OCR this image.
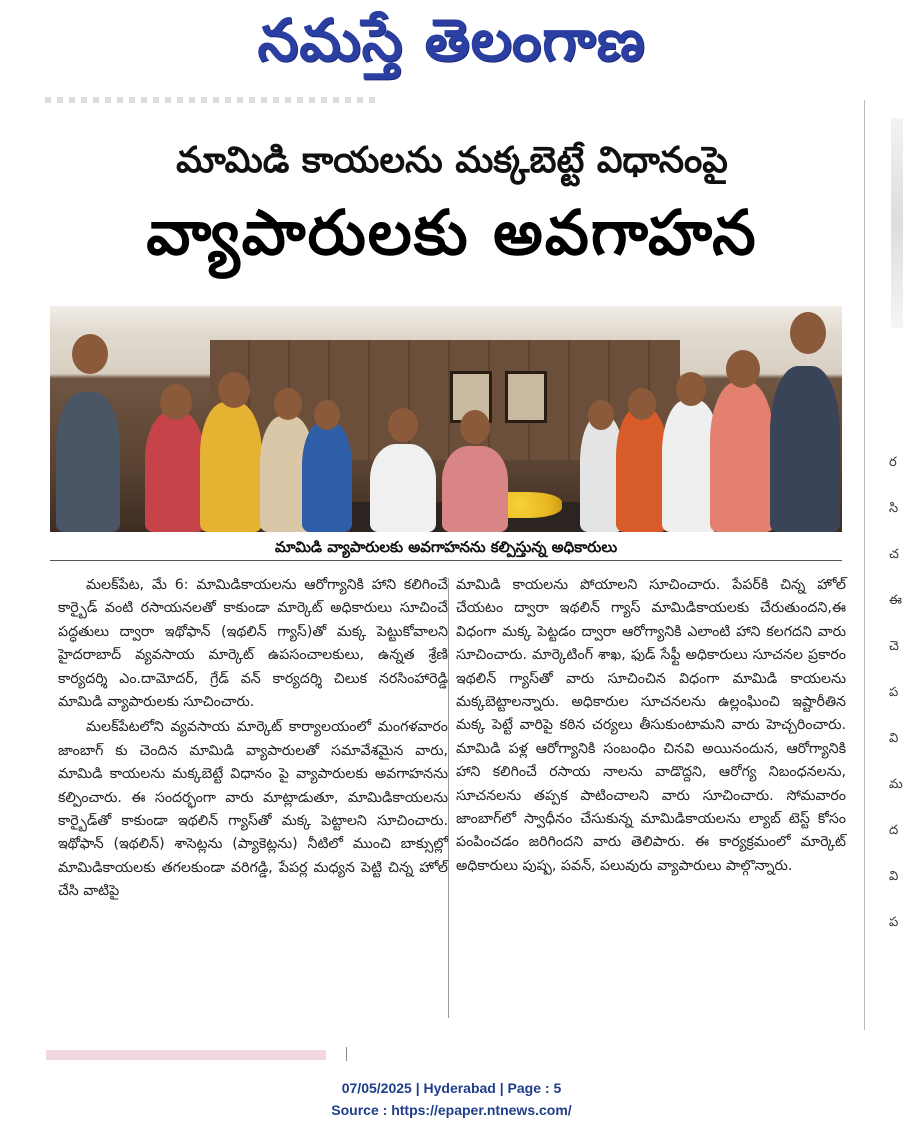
నమస్తే తెలంగాణ
మామిడి కాయలను మక్కబెట్టే విధానంపై
వ్యాపారులకు అవగాహన
మామిడి వ్యాపారులకు అవగాహనను కల్పిస్తున్న అధికారులు

మలక్‌పేట, మే 6: మామిడికాయలను ఆరోగ్యానికి హాని కలిగించే కార్బైడ్ వంటి రసాయనలతో కాకుండా మార్కెట్ అధికారులు సూచించే పద్ధతులు ద్వారా ఇథోఫాన్ (ఇథలిన్ గ్యాస్)తో మక్క పెట్టుకోవాలని హైదరాబాద్ వ్యవసాయ మార్కెట్ ఉపసంచాలకులు, ఉన్నత శ్రేణి కార్యదర్శి ఎం.దామోదర్, గ్రేడ్ వన్ కార్యదర్శి చిలుక నరసింహారెడ్డి మామిడి వ్యాపారులకు సూచించారు.

మలక్‌పేటలోని వ్యవసాయ మార్కెట్ కార్యాలయంలో మంగళవారం జాంబాగ్ కు చెందిన మామిడి వ్యాపారులతో సమావేశమైన వారు, మామిడి కాయలను మక్కబెట్టే విధానం పై వ్యాపారులకు అవగాహనను కల్పించారు. ఈ సందర్భంగా వారు మాట్లాడుతూ, మామిడికాయలను కార్బైడ్‌తో కాకుండా ఇథలిన్ గ్యాస్‌తో మక్క పెట్టాలని సూచించారు. ఇథోఫాన్ (ఇథలిన్) శాసెట్లను (ప్యాకెట్లను) నీటిలో ముంచి బాక్సుల్లో మామిడికాయలకు తగలకుండా వరిగడ్డి, పేపర్ల మధ్యన పెట్టి చిన్న హోల్ చేసి వాటిపై

మామిడి కాయలను పోయాలని సూచించారు. పేపర్‌కి చిన్న హోల్ చేయటం ద్వారా ఇథలిన్ గ్యాస్ మామిడికాయలకు చేరుతుందని,ఈ విధంగా మక్క పెట్టడం ద్వారా ఆరోగ్యానికి ఎలాంటి హాని కలగదని వారు సూచించారు. మార్కెటింగ్ శాఖ, ఫుడ్ సేఫ్టీ అధికారులు సూచనల ప్రకారం ఇథలిన్ గ్యాస్‌తో వారు సూచించిన విధంగా మామిడి కాయలను మక్కబెట్టాలన్నారు. అధికారుల సూచనలను ఉల్లంఘించి ఇష్టారీతిన మక్క పెట్టే వారిపై కఠిన చర్యలు తీసుకుంటామని వారు హెచ్చరించారు. మామిడి పళ్ల ఆరోగ్యానికి సంబంధిం చినవి అయినందున, ఆరోగ్యానికి హాని కలిగించే రసాయ నాలను వాడొద్దని, ఆరోగ్య నిబంధనలను, సూచనలను తప్పక పాటించాలని వారు సూచించారు. సోమవారం జాంబాగ్‌లో స్వాధీనం చేసుకున్న మామిడికాయలను ల్యాబ్ టెస్ట్ కోసం పంపించడం జరిగిందని వారు తెలిపారు. ఈ కార్యక్రమంలో మార్కెట్ అధికారులు పుష్ప, పవన్, పలువురు వ్యాపారులు పాల్గొన్నారు.

ర
సి
చ
ఈ
చె
ప
వి
మ
ద
వి
ప
07/05/2025 | Hyderabad | Page : 5
Source : https://epaper.ntnews.com/
